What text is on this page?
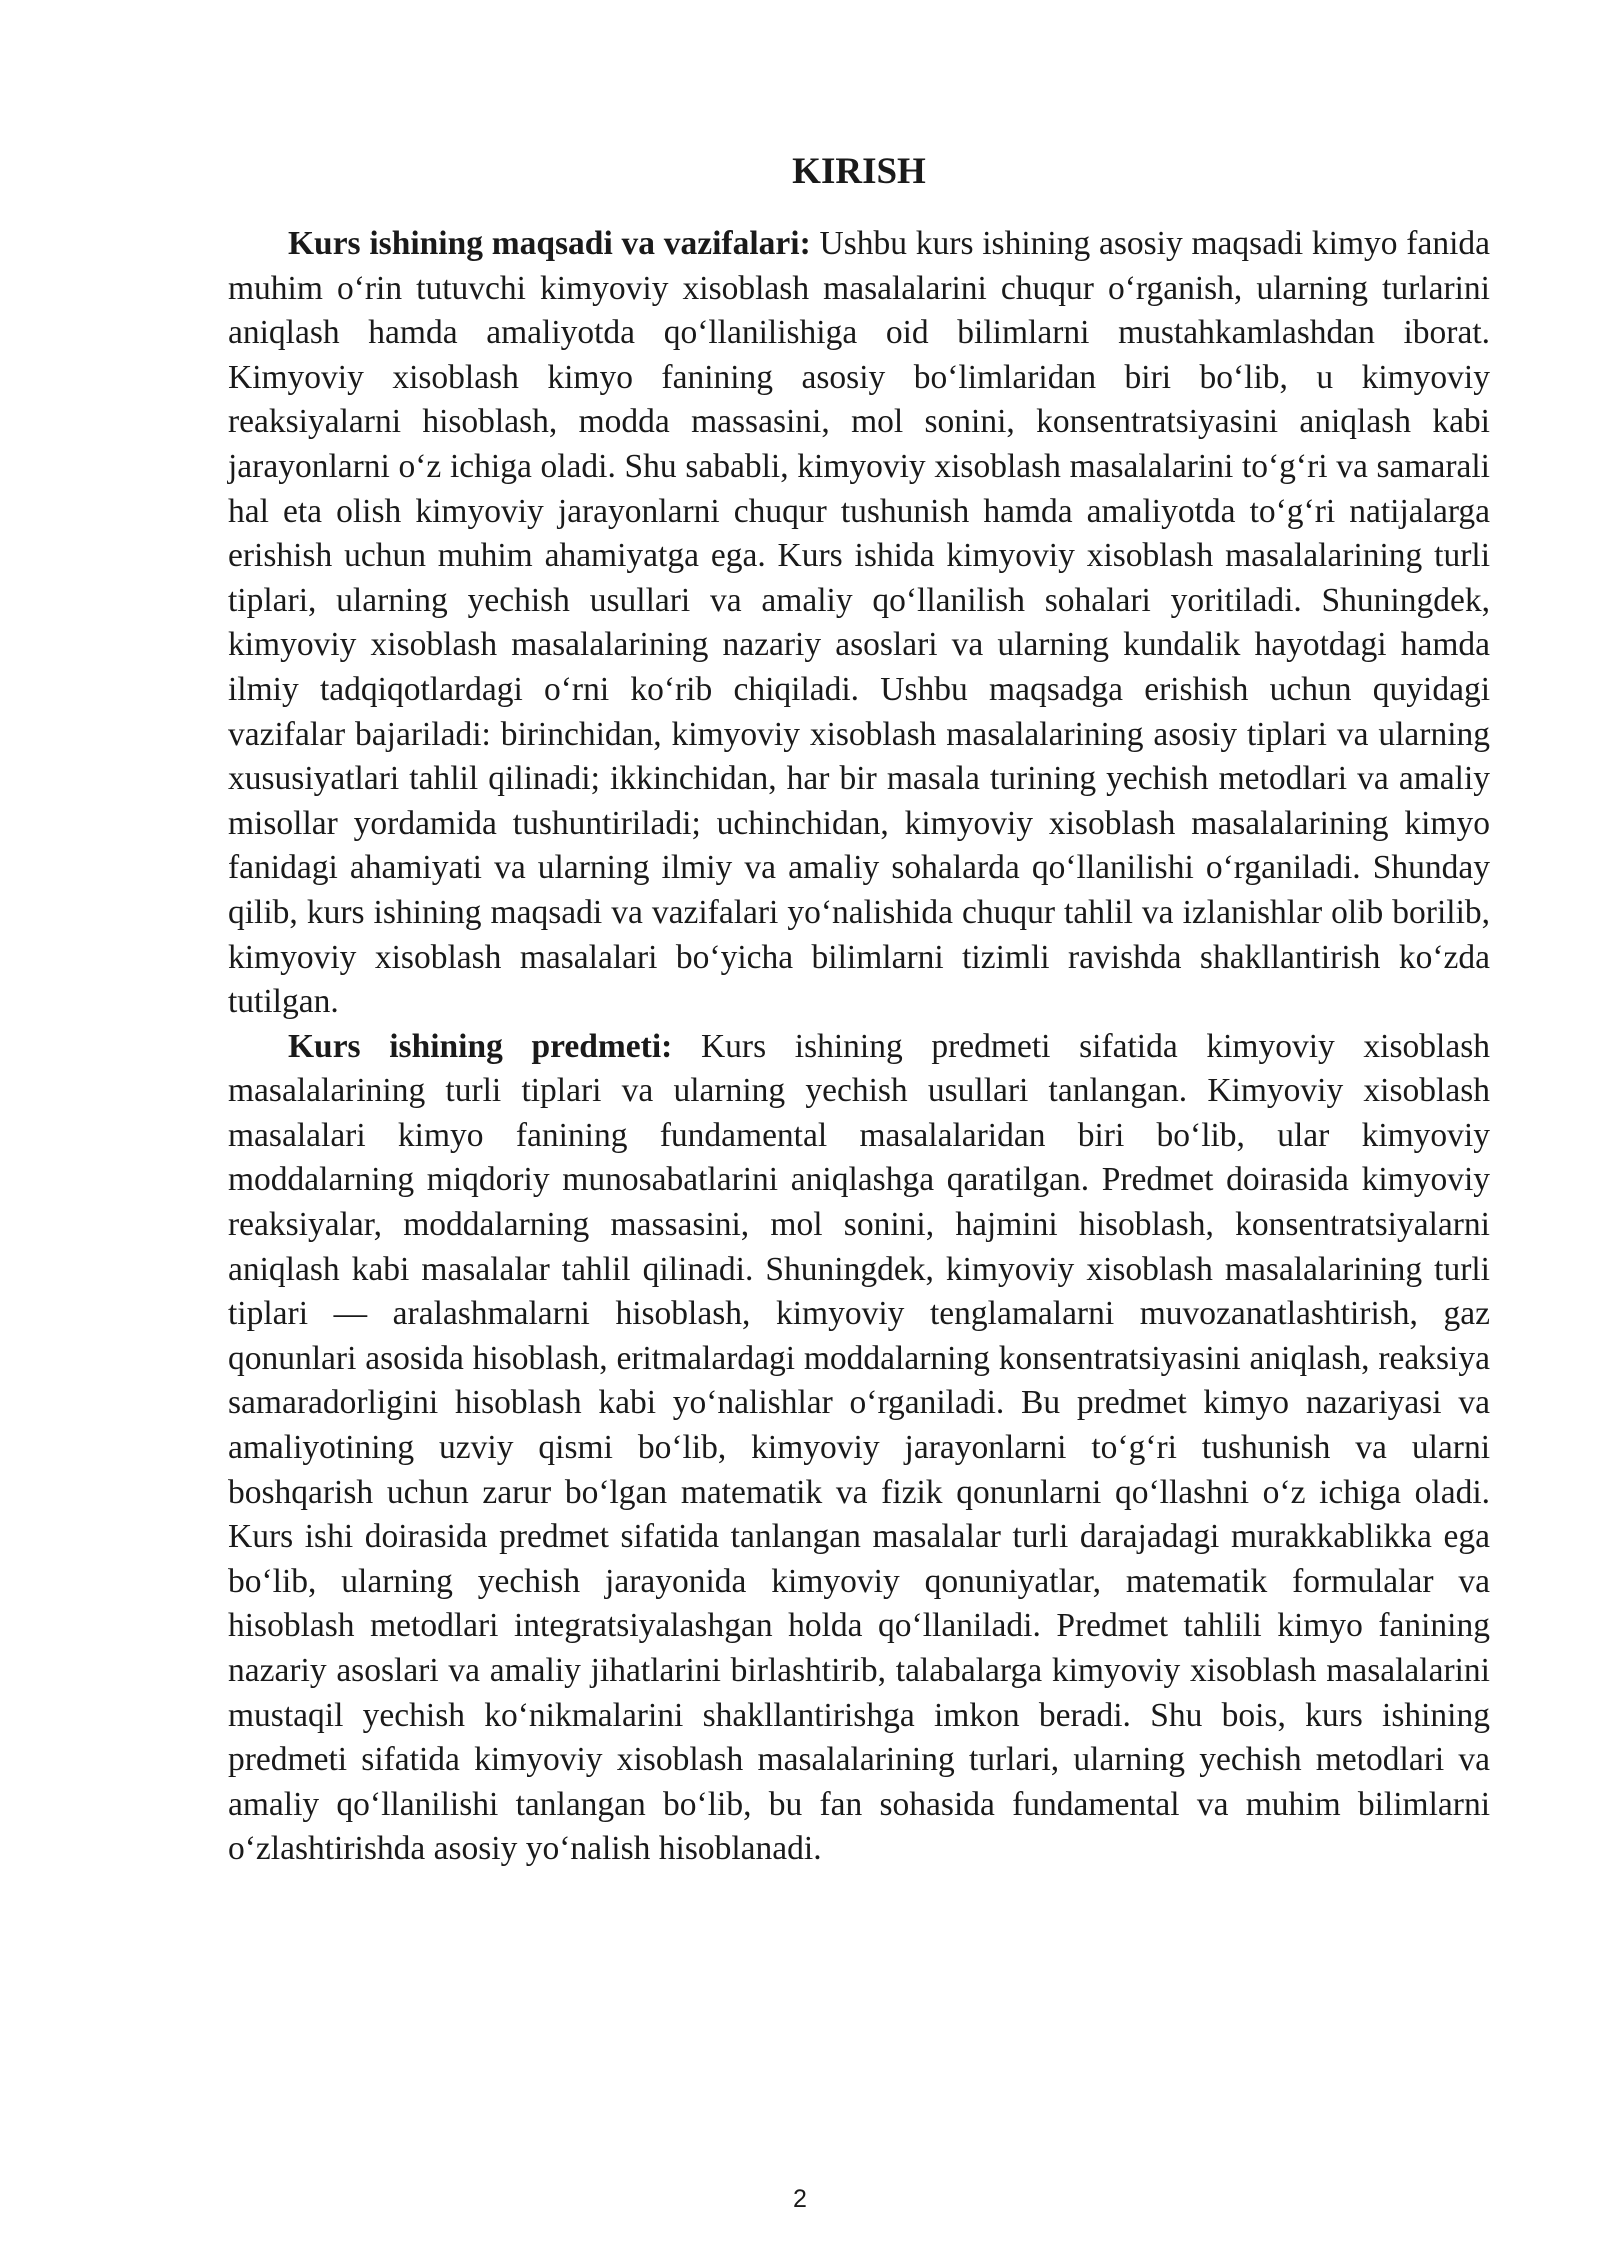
KIRISH

Kurs ishining maqsadi va vazifalari: Ushbu kurs ishining asosiy maqsadi kimyo fanida muhim o‘rin tutuvchi kimyoviy xisoblash masalalarini chuqur o‘rganish, ularning turlarini aniqlash hamda amaliyotda qo‘llanilishiga oid bilimlarni mustahkamlashdan iborat. Kimyoviy xisoblash kimyo fanining asosiy bo‘limlaridan biri bo‘lib, u kimyoviy reaksiyalarni hisoblash, modda massasini, mol sonini, konsentratsiyasini aniqlash kabi jarayonlarni o‘z ichiga oladi. Shu sababli, kimyoviy xisoblash masalalarini to‘g‘ri va samarali hal eta olish kimyoviy jarayonlarni chuqur tushunish hamda amaliyotda to‘g‘ri natijalarga erishish uchun muhim ahamiyatga ega. Kurs ishida kimyoviy xisoblash masalalarining turli tiplari, ularning yechish usullari va amaliy qo‘llanilish sohalari yoritiladi. Shuningdek, kimyoviy xisoblash masalalarining nazariy asoslari va ularning kundalik hayotdagi hamda ilmiy tadqiqotlardagi o‘rni ko‘rib chiqiladi. Ushbu maqsadga erishish uchun quyidagi vazifalar bajariladi: birinchidan, kimyoviy xisoblash masalalarining asosiy tiplari va ularning xususiyatlari tahlil qilinadi; ikkinchidan, har bir masala turining yechish metodlari va amaliy misollar yordamida tushuntiriladi; uchinchidan, kimyoviy xisoblash masalalarining kimyo fanidagi ahamiyati va ularning ilmiy va amaliy sohalarda qo‘llanilishi o‘rganiladi. Shunday qilib, kurs ishining maqsadi va vazifalari yo‘nalishida chuqur tahlil va izlanishlar olib borilib, kimyoviy xisoblash masalalari bo‘yicha bilimlarni tizimli ravishda shakllantirish ko‘zda tutilgan.

Kurs ishining predmeti: Kurs ishining predmeti sifatida kimyoviy xisoblash masalalarining turli tiplari va ularning yechish usullari tanlangan. Kimyoviy xisoblash masalalari kimyo fanining fundamental masalalaridan biri bo‘lib, ular kimyoviy moddalarning miqdoriy munosabatlarini aniqlashga qaratilgan. Predmet doirasida kimyoviy reaksiyalar, moddalarning massasini, mol sonini, hajmini hisoblash, konsentratsiyalarni aniqlash kabi masalalar tahlil qilinadi. Shuningdek, kimyoviy xisoblash masalalarining turli tiplari — aralashmalarni hisoblash, kimyoviy tenglamalarni muvozanatlashtirish, gaz qonunlari asosida hisoblash, eritmalardagi moddalarning konsentratsiyasini aniqlash, reaksiya samaradorligini hisoblash kabi yo‘nalishlar o‘rganiladi. Bu predmet kimyo nazariyasi va amaliyotining uzviy qismi bo‘lib, kimyoviy jarayonlarni to‘g‘ri tushunish va ularni boshqarish uchun zarur bo‘lgan matematik va fizik qonunlarni qo‘llashni o‘z ichiga oladi. Kurs ishi doirasida predmet sifatida tanlangan masalalar turli darajadagi murakkablikka ega bo‘lib, ularning yechish jarayonida kimyoviy qonuniyatlar, matematik formulalar va hisoblash metodlari integratsiyalashgan holda qo‘llaniladi. Predmet tahlili kimyo fanining nazariy asoslari va amaliy jihatlarini birlashtirib, talabalarga kimyoviy xisoblash masalalarini mustaqil yechish ko‘nikmalarini shakllantirishga imkon beradi. Shu bois, kurs ishining predmeti sifatida kimyoviy xisoblash masalalarining turlari, ularning yechish metodlari va amaliy qo‘llanilishi tanlangan bo‘lib, bu fan sohasida fundamental va muhim bilimlarni o‘zlashtirishda asosiy yo‘nalish hisoblanadi.

2
